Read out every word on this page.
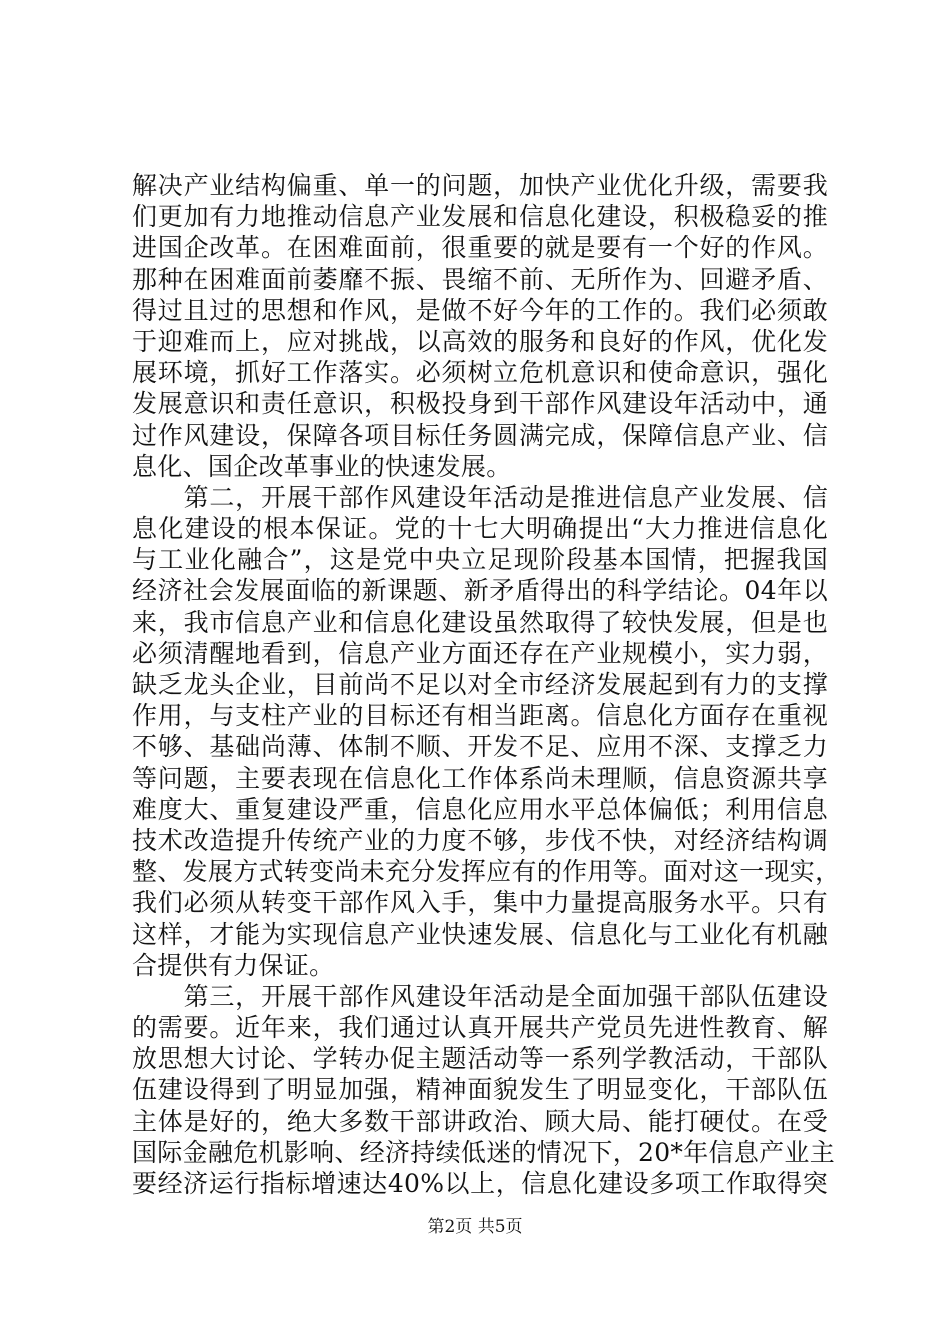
解决产业结构偏重、单一的问题，加快产业优化升级，需要我
们更加有力地推动信息产业发展和信息化建设，积极稳妥的推
进国企改革。在困难面前，很重要的就是要有一个好的作风。
那种在困难面前萎靡不振、畏缩不前、无所作为、回避矛盾、
得过且过的思想和作风，是做不好今年的工作的。我们必须敢
于迎难而上，应对挑战，以高效的服务和良好的作风，优化发
展环境，抓好工作落实。必须树立危机意识和使命意识，强化
发展意识和责任意识，积极投身到干部作风建设年活动中，通
过作风建设，保障各项目标任务圆满完成，保障信息产业、信
息化、国企改革事业的快速发展。
　　第二，开展干部作风建设年活动是推进信息产业发展、信
息化建设的根本保证。党的十七大明确提出“大力推进信息化
与工业化融合”，这是党中央立足现阶段基本国情，把握我国
经济社会发展面临的新课题、新矛盾得出的科学结论。04年以
来，我市信息产业和信息化建设虽然取得了较快发展，但是也
必须清醒地看到，信息产业方面还存在产业规模小，实力弱，
缺乏龙头企业，目前尚不足以对全市经济发展起到有力的支撑
作用，与支柱产业的目标还有相当距离。信息化方面存在重视
不够、基础尚薄、体制不顺、开发不足、应用不深、支撑乏力
等问题，主要表现在信息化工作体系尚未理顺，信息资源共享
难度大、重复建设严重，信息化应用水平总体偏低；利用信息
技术改造提升传统产业的力度不够，步伐不快，对经济结构调
整、发展方式转变尚未充分发挥应有的作用等。面对这一现实，
我们必须从转变干部作风入手，集中力量提高服务水平。只有
这样，才能为实现信息产业快速发展、信息化与工业化有机融
合提供有力保证。
　　第三，开展干部作风建设年活动是全面加强干部队伍建设
的需要。近年来，我们通过认真开展共产党员先进性教育、解
放思想大讨论、学转办促主题活动等一系列学教活动，干部队
伍建设得到了明显加强，精神面貌发生了明显变化，干部队伍
主体是好的，绝大多数干部讲政治、顾大局、能打硬仗。在受
国际金融危机影响、经济持续低迷的情况下，20*年信息产业主
要经济运行指标增速达40%以上，信息化建设多项工作取得突
第2页 共5页
